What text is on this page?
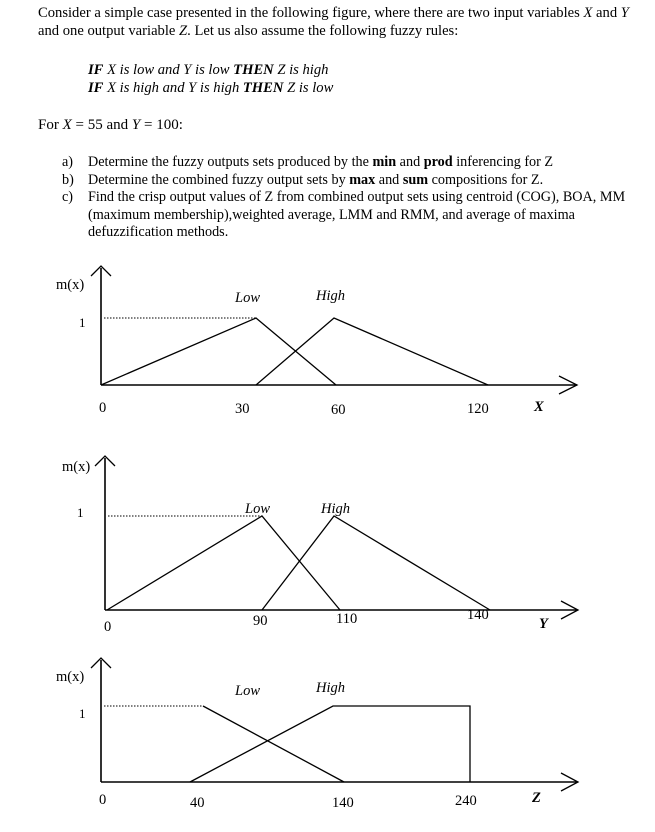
Consider a simple case presented in the following figure, where there are two input variables X and Y and one output variable Z. Let us also assume the following fuzzy rules:
IF X is low and Y is low THEN Z is high
IF X is high and Y is high THEN Z is low
For X = 55 and Y = 100:
a)	Determine the fuzzy outputs sets produced by the min and prod inferencing for Z
b) Determine the combined fuzzy output sets by max and sum compositions for Z.
c)	Find the crisp output values of Z from combined output sets using centroid (COG), BOA, MM (maximum membership),weighted average, LMM and RMM, and average of maxima defuzzification methods.
m(x)
1
0	30	60	120	X
Low	High
m(x)
1
0	90	110	140
Y
Low	High
m(x)
1
0	40	140	240	Z
Low	High
